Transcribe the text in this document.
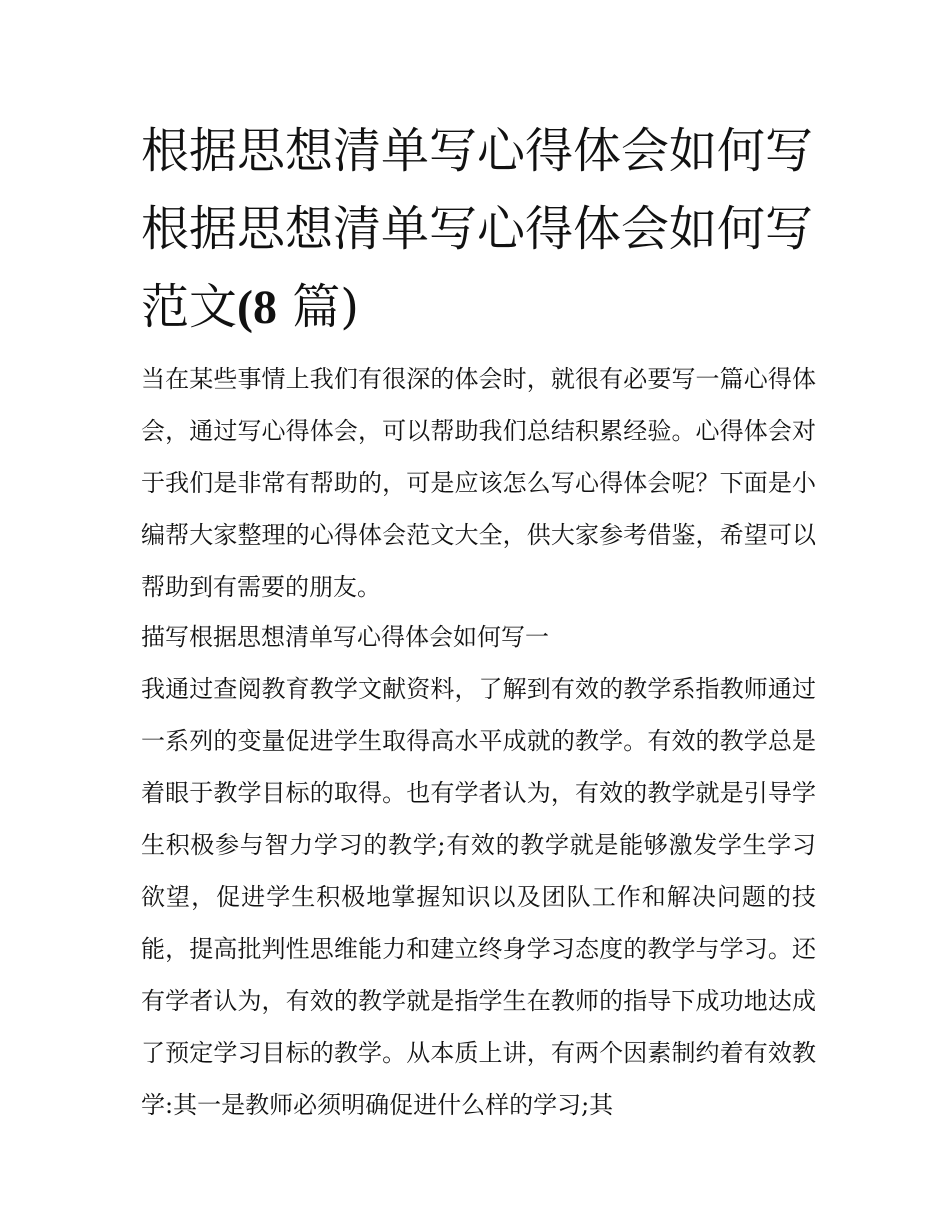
根据思想清单写心得体会如何写 根据思想清单写心得体会如何写范文(8 篇)

当在某些事情上我们有很深的体会时，就很有必要写一篇心得体会，通过写心得体会，可以帮助我们总结积累经验。心得体会对于我们是非常有帮助的，可是应该怎么写心得体会呢？下面是小编帮大家整理的心得体会范文大全，供大家参考借鉴，希望可以帮助到有需要的朋友。

描写根据思想清单写心得体会如何写一

我通过查阅教育教学文献资料，了解到有效的教学系指教师通过一系列的变量促进学生取得高水平成就的教学。有效的教学总是着眼于教学目标的取得。也有学者认为，有效的教学就是引导学生积极参与智力学习的教学;有效的教学就是能够激发学生学习欲望，促进学生积极地掌握知识以及团队工作和解决问题的技能，提高批判性思维能力和建立终身学习态度的教学与学习。还有学者认为，有效的教学就是指学生在教师的指导下成功地达成了预定学习目标的教学。从本质上讲，有两个因素制约着有效教学:其一是教师必须明确促进什么样的学习;其
